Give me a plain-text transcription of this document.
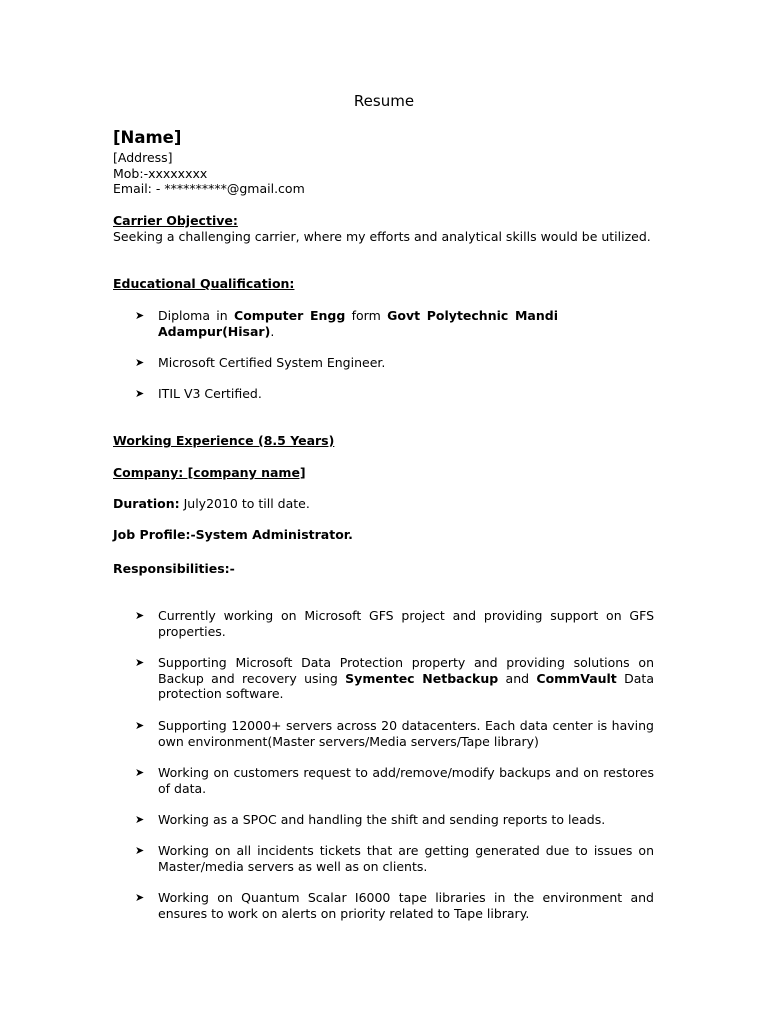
Resume
[Name]
[Address]
Mob:-xxxxxxxx
Email: - **********@gmail.com
Carrier Objective:
Seeking a challenging carrier, where my efforts and analytical skills would be utilized.
Educational Qualification:
➤ Diploma in Computer Engg form Govt Polytechnic Mandi Adampur(Hisar).
➤ Microsoft Certified System Engineer.
➤ ITIL V3 Certified.
Working Experience (8.5 Years)
Company: [company name]
Duration: July2010 to till date.
Job Profile:-System Administrator.
Responsibilities:-
➤ Currently working on Microsoft GFS project and providing support on GFS properties.
➤ Supporting Microsoft Data Protection property and providing solutions on Backup and recovery using Symentec Netbackup and CommVault Data protection software.
➤ Supporting 12000+ servers across 20 datacenters. Each data center is having own environment(Master servers/Media servers/Tape library)
➤ Working on customers request to add/remove/modify backups and on restores of data.
➤ Working as a SPOC and handling the shift and sending reports to leads.
➤ Working on all incidents tickets that are getting generated due to issues on Master/media servers as well as on clients.
➤ Working on Quantum Scalar I6000 tape libraries in the environment and ensures to work on alerts on priority related to Tape library.
